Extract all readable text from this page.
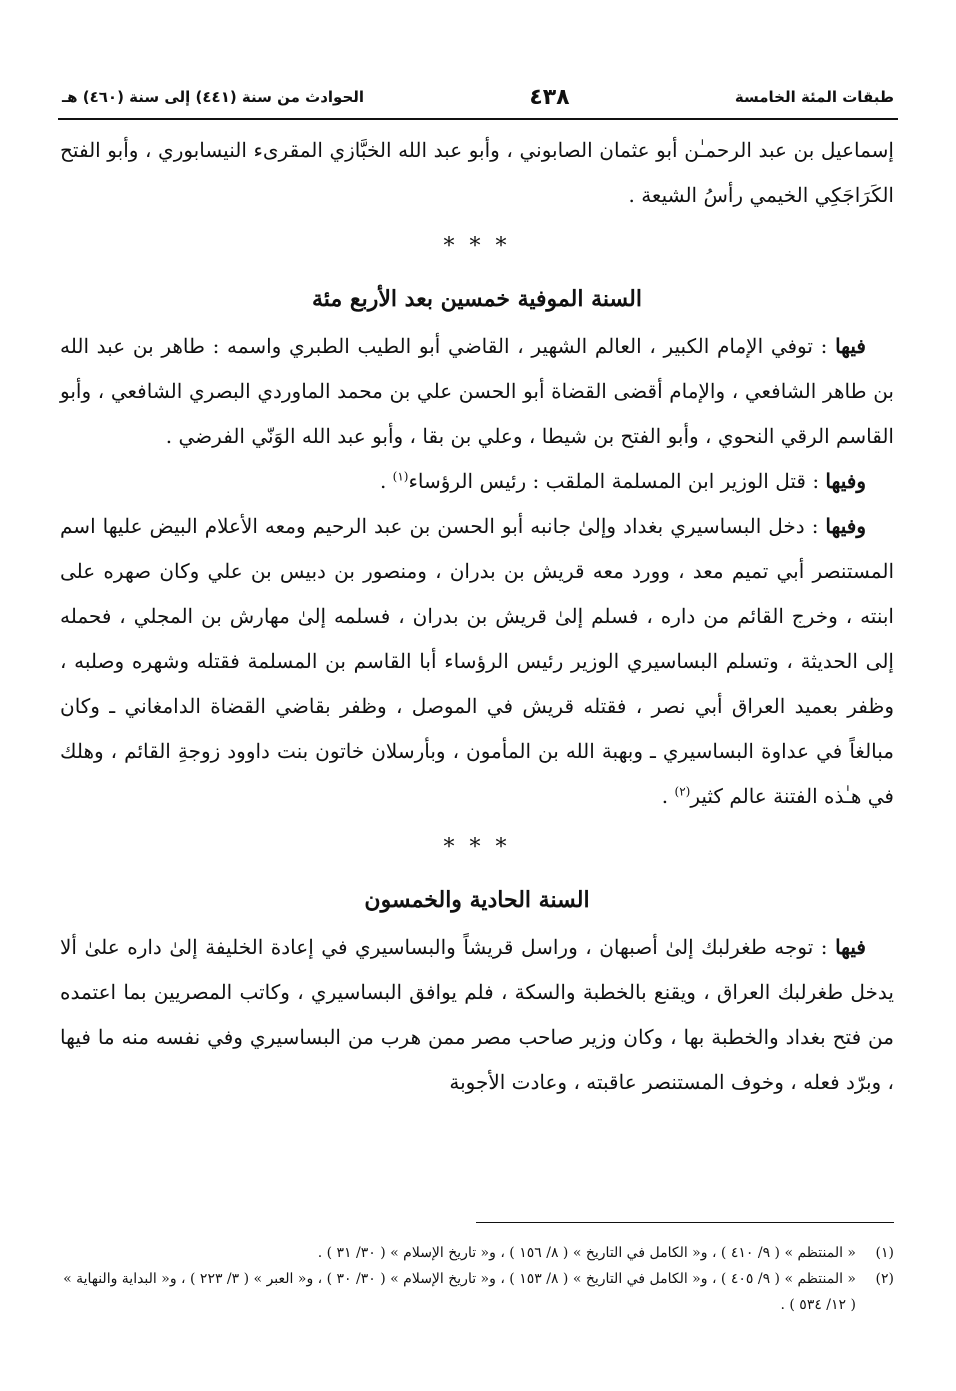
طبقات المئة الخامسة
٤٣٨
الحوادث من سنة (٤٤١) إلى سنة (٤٦٠) هـ

إسماعيل بن عبد الرحمـٰن أبو عثمان الصابوني ، وأبو عبد الله الخبَّازي المقرىء النيسابوري ، وأبو الفتح الكَرَاجَكِي الخيمي رأسُ الشيعة .

* * *
السنة الموفية خمسين بعد الأربع مئة

فيها : توفي الإمام الكبير ، العالم الشهير ، القاضي أبو الطيب الطبري واسمه : طاهر بن عبد الله بن طاهر الشافعي ، والإمام أقضى القضاة أبو الحسن علي بن محمد الماوردي البصري الشافعي ، وأبو القاسم الرقي النحوي ، وأبو الفتح بن شيطا ، وعلي بن بقا ، وأبو عبد الله الوَنّي الفرضي .

وفيها : قتل الوزير ابن المسلمة الملقب : رئيس الرؤساء$^{(١)}$ .

وفيها : دخل البساسيري بغداد وإلىٰ جانبه أبو الحسن بن عبد الرحيم ومعه الأعلام البيض عليها اسم المستنصر أبي تميم معد ، وورد معه قريش بن بدران ، ومنصور بن دبيس بن علي وكان صهره على ابنته ، وخرج القائم من داره ، فسلم إلىٰ قريش بن بدران ، فسلمه إلىٰ مهارش بن المجلي ، فحمله إلى الحديثة ، وتسلم البساسيري الوزير رئيس الرؤساء أبا القاسم بن المسلمة فقتله وشهره وصلبه ، وظفر بعميد العراق أبي نصر ، فقتله قريش في الموصل ، وظفر بقاضي القضاة الدامغاني ـ وكان مبالغاً في عداوة البساسيري ـ وبهبة الله بن المأمون ، وبأرسلان خاتون بنت داوود زوجةِ القائم ، وهلك في هـٰذه الفتنة عالم كثير$^{(٢)}$ .

* * *
السنة الحادية والخمسون

فيها : توجه طغرلبك إلىٰ أصبهان ، وراسل قريشاً والبساسيري في إعادة الخليفة إلىٰ داره علىٰ ألا يدخل طغرلبك العراق ، ويقنع بالخطبة والسكة ، فلم يوافق البساسيري ، وكاتب المصريين بما اعتمده من فتح بغداد والخطبة بها ، وكان وزير صاحب مصر ممن هرب من البساسيري وفي نفسه منه ما فيها ، وبرّد فعله ، وخوف المستنصر عاقبته ، وعادت الأجوبة

(١)
« المنتظم » ( ٩/ ٤١٠ ) ، و« الكامل في التاريخ » ( ٨/ ١٥٦ ) ، و« تاريخ الإسلام » ( ٣٠/ ٣١ ) .
(٢)
« المنتظم » ( ٩/ ٤٠٥ ) ، و« الكامل في التاريخ » ( ٨/ ١٥٣ ) ، و« تاريخ الإسلام » ( ٣٠/ ٣٠ ) ، و« العبر » ( ٣/ ٢٢٣ ) ، و« البداية والنهاية » ( ١٢/ ٥٣٤ ) .
